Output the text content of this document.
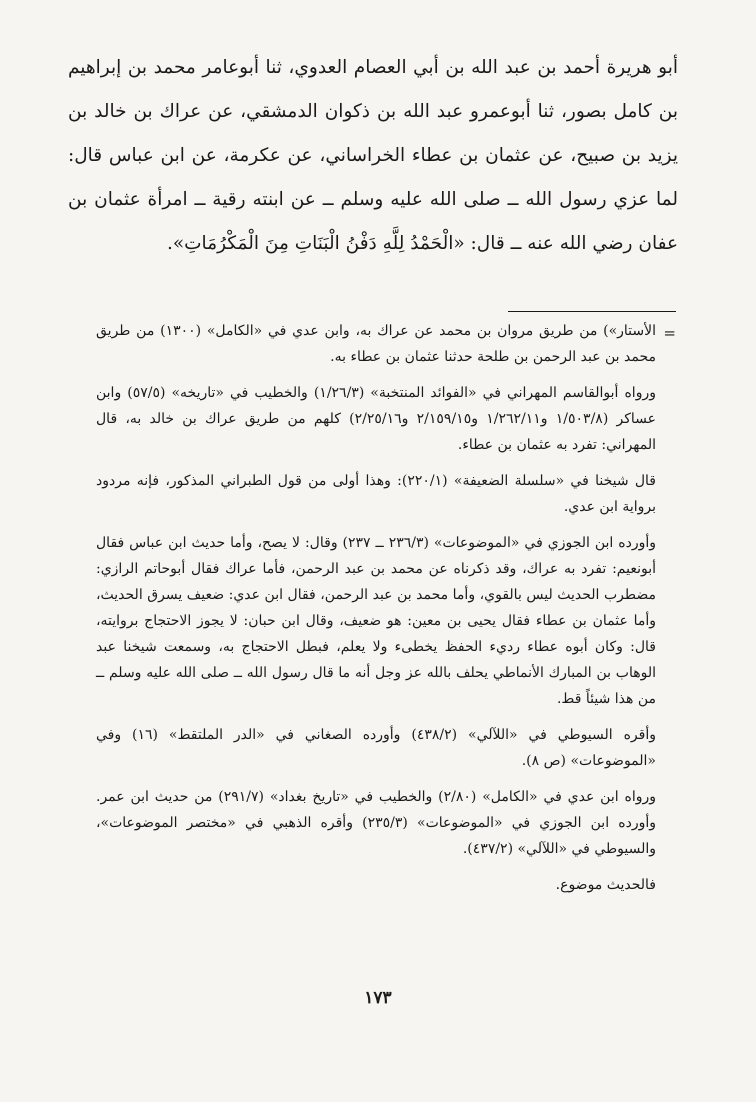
أبو هريرة أحمد بن عبد الله بن أبي العصام العدوي، ثنا أبوعامر محمد بن إبراهيم بن كامل بصور، ثنا أبوعمرو عبد الله بن ذكوان الدمشقي، عن عراك بن خالد بن يزيد بن صبيح، عن عثمان بن عطاء الخراساني، عن عكرمة، عن ابن عباس قال: لما عزي رسول الله ــ صلى الله عليه وسلم ــ عن ابنته رقية ــ امرأة عثمان بن عفان رضي الله عنه ــ قال: «الْحَمْدُ لِلَّهِ دَفْنُ الْبَنَاتِ مِنَ الْمَكْرُمَاتِ».

=

الأستار») من طريق مروان بن محمد عن عراك به، وابن عدي في «الكامل» (١٣٠٠) من طريق محمد بن عبد الرحمن بن طلحة حدثنا عثمان بن عطاء به.

ورواه أبوالقاسم المهراني في «الفوائد المنتخبة» (١/٢٦/٣) والخطيب في «تاريخه» (٥٧/٥) وابن عساكر (١/٥٠٣/٨ و١/٢٦٢/١١ و٢/١٥٩/١٥ و٢/٢٥/١٦) كلهم من طريق عراك بن خالد به، قال المهراني: تفرد به عثمان بن عطاء.

قال شيخنا في «سلسلة الضعيفة» (٢٢٠/١): وهذا أولى من قول الطبراني المذكور، فإنه مردود برواية ابن عدي.

وأورده ابن الجوزي في «الموضوعات» (٢٣٦/٣ ــ ٢٣٧) وقال: لا يصح، وأما حديث ابن عباس فقال أبونعيم: تفرد به عراك، وقد ذكرناه عن محمد بن عبد الرحمن، فأما عراك فقال أبوحاتم الرازي: مضطرب الحديث ليس بالقوي، وأما محمد بن عبد الرحمن، فقال ابن عدي: ضعيف يسرق الحديث، وأما عثمان بن عطاء فقال يحيى بن معين: هو ضعيف، وقال ابن حبان: لا يجوز الاحتجاج بروايته، قال: وكان أبوه عطاء رديء الحفظ يخطىء ولا يعلم، فبطل الاحتجاج به، وسمعت شيخنا عبد الوهاب بن المبارك الأنماطي يحلف بالله عز وجل أنه ما قال رسول الله ــ صلى الله عليه وسلم ــ من هذا شيئاً قط.

وأقره السيوطي في «اللآلي» (٤٣٨/٢) وأورده الصغاني في «الدر الملتقط» (١٦) وفي «الموضوعات» (ص ٨).

ورواه ابن عدي في «الكامل» (٢/٨٠) والخطيب في «تاريخ بغداد» (٢٩١/٧) من حديث ابن عمر. وأورده ابن الجوزي في «الموضوعات» (٢٣٥/٣) وأقره الذهبي في «مختصر الموضوعات»، والسيوطي في «اللآلي» (٤٣٧/٢).

فالحديث موضوع.

١٧٣
